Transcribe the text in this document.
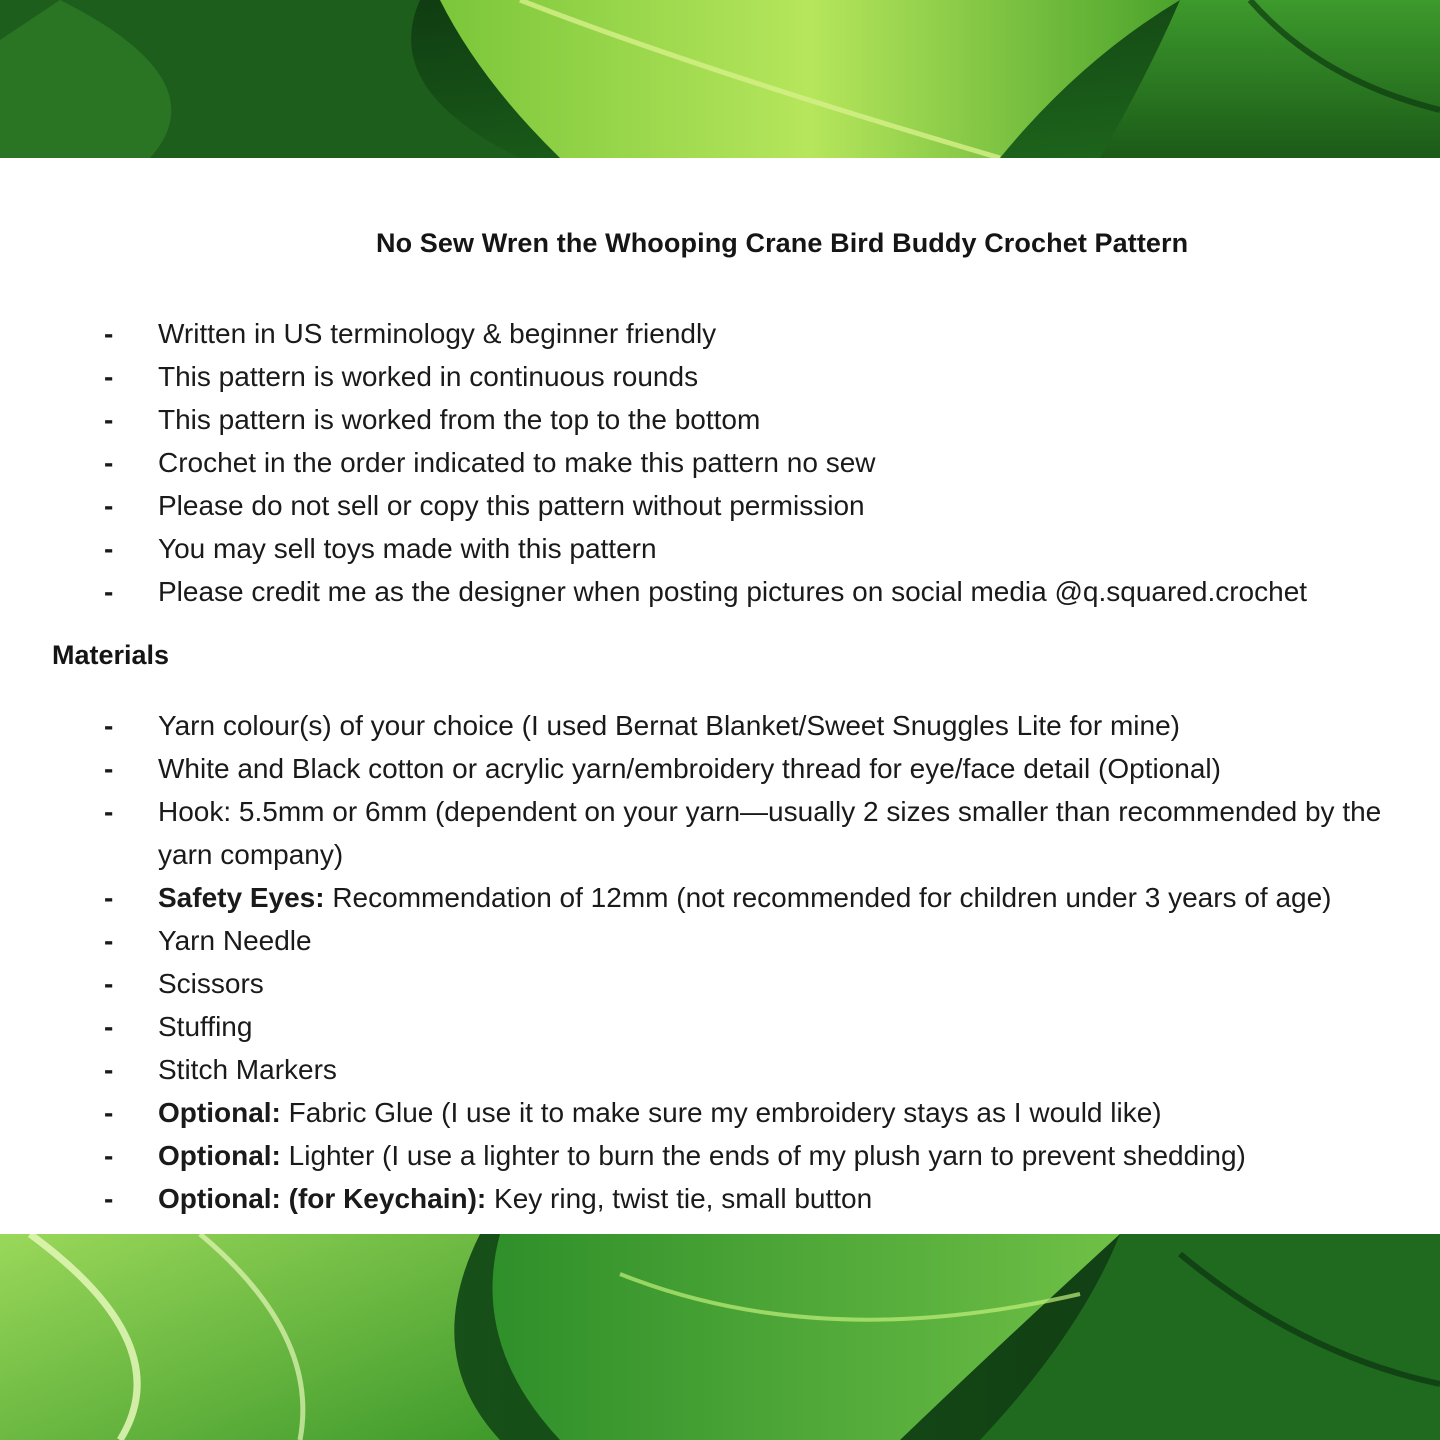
No Sew Wren the Whooping Crane Bird Buddy Crochet Pattern
-	Written in US terminology & beginner friendly
-	This pattern is worked in continuous rounds
-	This pattern is worked from the top to the bottom
-	Crochet in the order indicated to make this pattern no sew
-	Please do not sell or copy this pattern without permission
-	You may sell toys made with this pattern
-	Please credit me as the designer when posting pictures on social media @q.squared.crochet
Materials
-	Yarn colour(s) of your choice (I used Bernat Blanket/Sweet Snuggles Lite for mine)
-	White and Black cotton or acrylic yarn/embroidery thread for eye/face detail (Optional)
-	Hook: 5.5mm or 6mm (dependent on your yarn—usually 2 sizes smaller than recommended by the yarn company)
-	Safety Eyes: Recommendation of 12mm (not recommended for children under 3 years of age)
-	Yarn Needle
-	Scissors
-	Stuffing
-	Stitch Markers
-	Optional: Fabric Glue (I use it to make sure my embroidery stays as I would like)
-	Optional: Lighter (I use a lighter to burn the ends of my plush yarn to prevent shedding)
-	Optional: (for Keychain): Key ring, twist tie, small button
